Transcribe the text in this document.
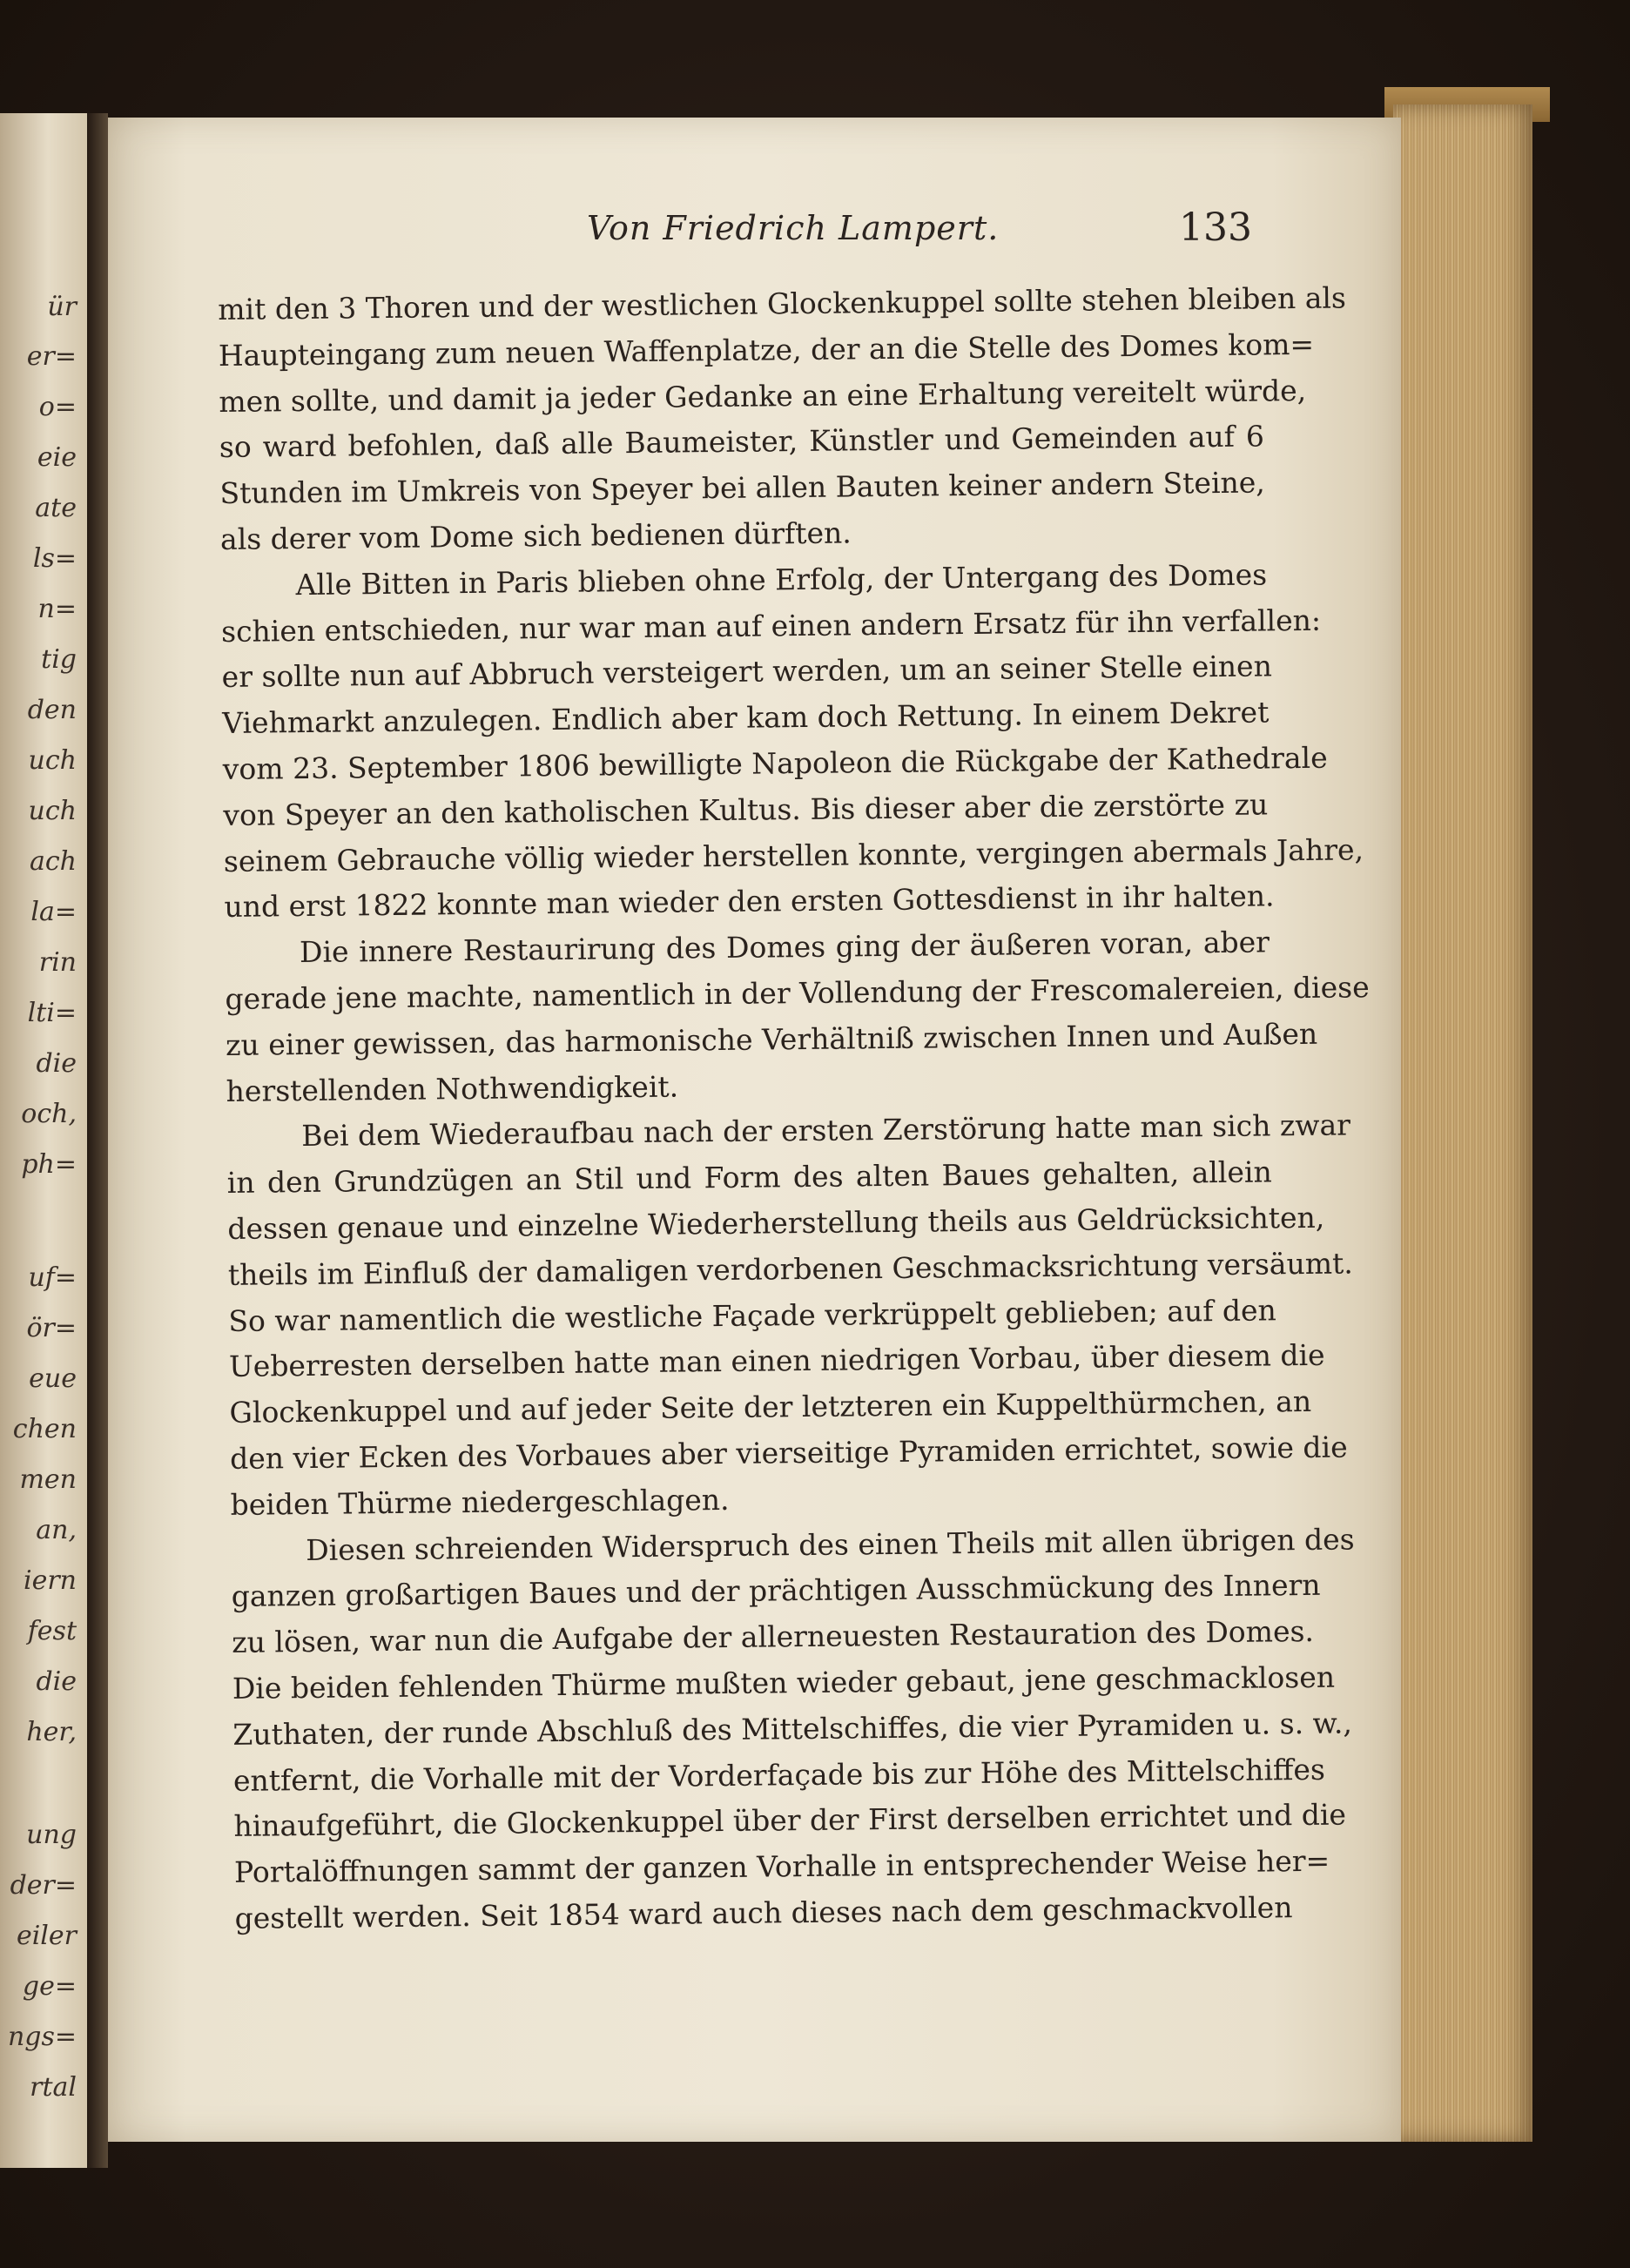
ür
er=
o=
eie
ate
ls=
n=
tig
den
uch
uch
ach
la=
rin
lti=
die
och,
ph=
uf=
ör=
eue
chen
men
an,
iern
fest
die
her,
ung
der=
eiler
ge=
ngs=
rtal
Von Friedrich Lampert.	133
mit den 3 Thoren und der westlichen Glockenkuppel sollte stehen bleiben als
Haupteingang zum neuen Waffenplatze, der an die Stelle des Domes kom=
men sollte, und damit ja jeder Gedanke an eine Erhaltung vereitelt würde,
so ward befohlen, daß alle Baumeister, Künstler und Gemeinden auf 6
Stunden im Umkreis von Speyer bei allen Bauten keiner andern Steine,
als derer vom Dome sich bedienen dürften.
Alle Bitten in Paris blieben ohne Erfolg, der Untergang des Domes
schien entschieden, nur war man auf einen andern Ersatz für ihn verfallen:
er sollte nun auf Abbruch versteigert werden, um an seiner Stelle einen
Viehmarkt anzulegen. Endlich aber kam doch Rettung. In einem Dekret
vom 23. September 1806 bewilligte Napoleon die Rückgabe der Kathedrale
von Speyer an den katholischen Kultus. Bis dieser aber die zerstörte zu
seinem Gebrauche völlig wieder herstellen konnte, vergingen abermals Jahre,
und erst 1822 konnte man wieder den ersten Gottesdienst in ihr halten.
Die innere Restaurirung des Domes ging der äußeren voran, aber
gerade jene machte, namentlich in der Vollendung der Frescomalereien, diese
zu einer gewissen, das harmonische Verhältniß zwischen Innen und Außen
herstellenden Nothwendigkeit.
Bei dem Wiederaufbau nach der ersten Zerstörung hatte man sich zwar
in den Grundzügen an Stil und Form des alten Baues gehalten, allein
dessen genaue und einzelne Wiederherstellung theils aus Geldrücksichten,
theils im Einfluß der damaligen verdorbenen Geschmacksrichtung versäumt.
So war namentlich die westliche Façade verkrüppelt geblieben; auf den
Ueberresten derselben hatte man einen niedrigen Vorbau, über diesem die
Glockenkuppel und auf jeder Seite der letzteren ein Kuppelthürmchen, an
den vier Ecken des Vorbaues aber vierseitige Pyramiden errichtet, sowie die
beiden Thürme niedergeschlagen.
Diesen schreienden Widerspruch des einen Theils mit allen übrigen des
ganzen großartigen Baues und der prächtigen Ausschmückung des Innern
zu lösen, war nun die Aufgabe der allerneuesten Restauration des Domes.
Die beiden fehlenden Thürme mußten wieder gebaut, jene geschmacklosen
Zuthaten, der runde Abschluß des Mittelschiffes, die vier Pyramiden u. s. w.,
entfernt, die Vorhalle mit der Vorderfaçade bis zur Höhe des Mittelschiffes
hinaufgeführt, die Glockenkuppel über der First derselben errichtet und die
Portalöffnungen sammt der ganzen Vorhalle in entsprechender Weise her=
gestellt werden. Seit 1854 ward auch dieses nach dem geschmackvollen
